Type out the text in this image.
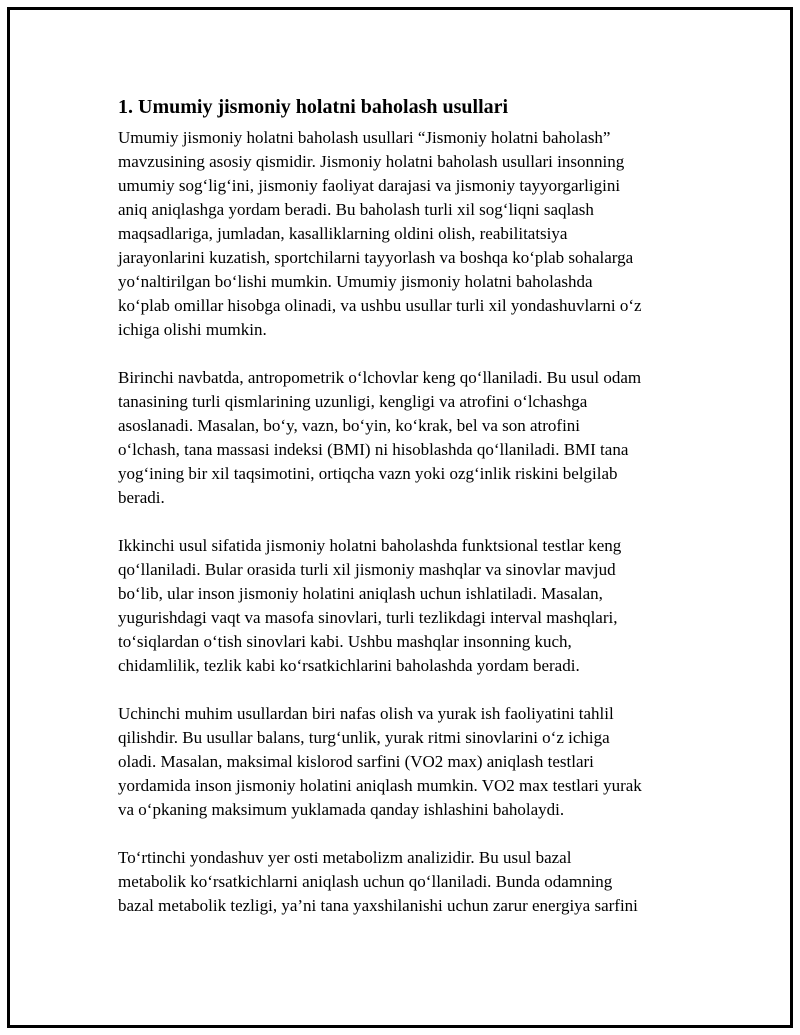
1. Umumiy jismoniy holatni baholash usullari

Umumiy jismoniy holatni baholash usullari “Jismoniy holatni baholash”
mavzusining asosiy qismidir. Jismoniy holatni baholash usullari insonning
umumiy sog‘lig‘ini, jismoniy faoliyat darajasi va jismoniy tayyorgarligini
aniq aniqlashga yordam beradi. Bu baholash turli xil sog‘liqni saqlash
maqsadlariga, jumladan, kasalliklarning oldini olish, reabilitatsiya
jarayonlarini kuzatish, sportchilarni tayyorlash va boshqa ko‘plab sohalarga
yo‘naltirilgan bo‘lishi mumkin. Umumiy jismoniy holatni baholashda
ko‘plab omillar hisobga olinadi, va ushbu usullar turli xil yondashuvlarni o‘z
ichiga olishi mumkin.

Birinchi navbatda, antropometrik o‘lchovlar keng qo‘llaniladi. Bu usul odam
tanasining turli qismlarining uzunligi, kengligi va atrofini o‘lchashga
asoslanadi. Masalan, bo‘y, vazn, bo‘yin, ko‘krak, bel va son atrofini
o‘lchash, tana massasi indeksi (BMI) ni hisoblashda qo‘llaniladi. BMI tana
yog‘ining bir xil taqsimotini, ortiqcha vazn yoki ozg‘inlik riskini belgilab
beradi.

Ikkinchi usul sifatida jismoniy holatni baholashda funktsional testlar keng
qo‘llaniladi. Bular orasida turli xil jismoniy mashqlar va sinovlar mavjud
bo‘lib, ular inson jismoniy holatini aniqlash uchun ishlatiladi. Masalan,
yugurishdagi vaqt va masofa sinovlari, turli tezlikdagi interval mashqlari,
to‘siqlardan o‘tish sinovlari kabi. Ushbu mashqlar insonning kuch,
chidamlilik, tezlik kabi ko‘rsatkichlarini baholashda yordam beradi.

Uchinchi muhim usullardan biri nafas olish va yurak ish faoliyatini tahlil
qilishdir. Bu usullar balans, turg‘unlik, yurak ritmi sinovlarini o‘z ichiga
oladi. Masalan, maksimal kislorod sarfini (VO2 max) aniqlash testlari
yordamida inson jismoniy holatini aniqlash mumkin. VO2 max testlari yurak
va o‘pkaning maksimum yuklamada qanday ishlashini baholaydi.

To‘rtinchi yondashuv yer osti metabolizm analizidir. Bu usul bazal
metabolik ko‘rsatkichlarni aniqlash uchun qo‘llaniladi. Bunda odamning
bazal metabolik tezligi, ya’ni tana yaxshilanishi uchun zarur energiya sarfini
